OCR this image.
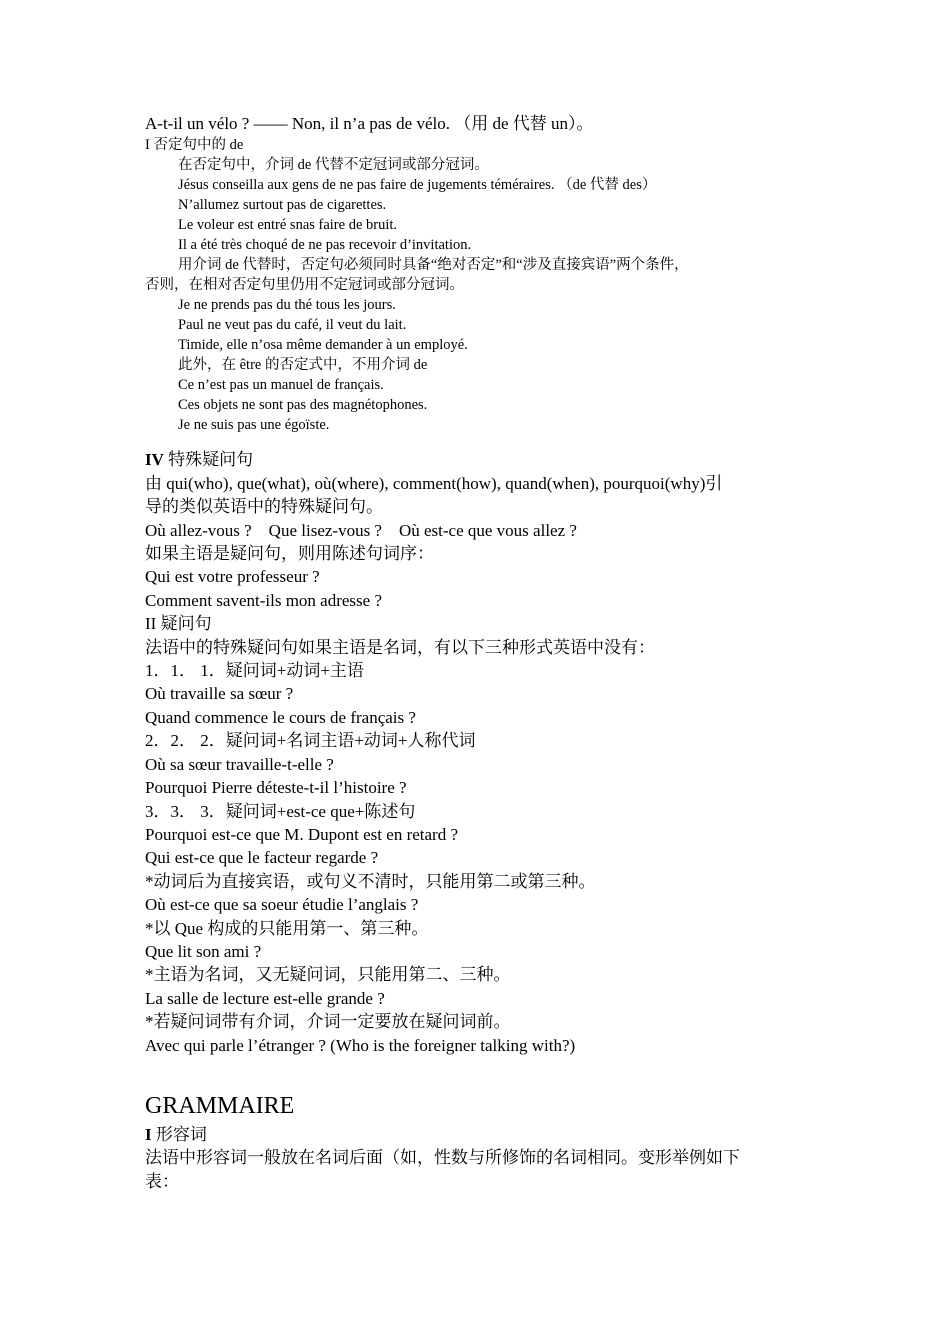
A-t-il un vélo ? —— Non, il n’a pas de vélo. （用 de 代替 un）。

I 否定句中的 de

在否定句中，介词 de 代替不定冠词或部分冠词。

Jésus conseilla aux gens de ne pas faire de jugements téméraires. （de 代替 des）

N’allumez surtout pas de cigarettes.

Le voleur est entré snas faire de bruit.

Il a été très choqué de ne pas recevoir d’invitation.

用介词 de 代替时，否定句必须同时具备“绝对否定”和“涉及直接宾语”两个条件，

否则，在相对否定句里仍用不定冠词或部分冠词。

Je ne prends pas du thé tous les jours.

Paul ne veut pas du café, il veut du lait.

Timide, elle n’osa même demander à un employé.

此外，在 être 的否定式中，不用介词 de

Ce n’est pas un manuel de français.

Ces objets ne sont pas des magnétophones.

Je ne suis pas une égoïste.

IV 特殊疑问句

由 qui(who), que(what), où(where), comment(how), quand(when), pourquoi(why)引

导的类似英语中的特殊疑问句。

Où allez-vous ?　Que lisez-vous ?　Où est-ce que vous allez ?

如果主语是疑问句，则用陈述句词序：

Qui est votre professeur ?

Comment savent-ils mon adresse ?

II 疑问句

法语中的特殊疑问句如果主语是名词，有以下三种形式英语中没有：

1．1． 1．疑问词+动词+主语

Où travaille sa sœur ?

Quand commence le cours de français ?

2．2． 2．疑问词+名词主语+动词+人称代词

Où sa sœur travaille-t-elle ?

Pourquoi Pierre déteste-t-il l’histoire ?

3．3． 3．疑问词+est-ce que+陈述句

Pourquoi est-ce que M. Dupont est en retard ?

Qui est-ce que le facteur regarde ?

*动词后为直接宾语，或句义不清时，只能用第二或第三种。

Où est-ce que sa soeur étudie l’anglais ?

*以 Que 构成的只能用第一、第三种。

Que lit son ami ?

*主语为名词，又无疑问词，只能用第二、三种。

La salle de lecture est-elle grande ?

*若疑问词带有介词，介词一定要放在疑问词前。

Avec qui parle l’étranger ? (Who is the foreigner talking with?)

GRAMMAIRE

I 形容词

法语中形容词一般放在名词后面（如，性数与所修饰的名词相同。变形举例如下

表：
